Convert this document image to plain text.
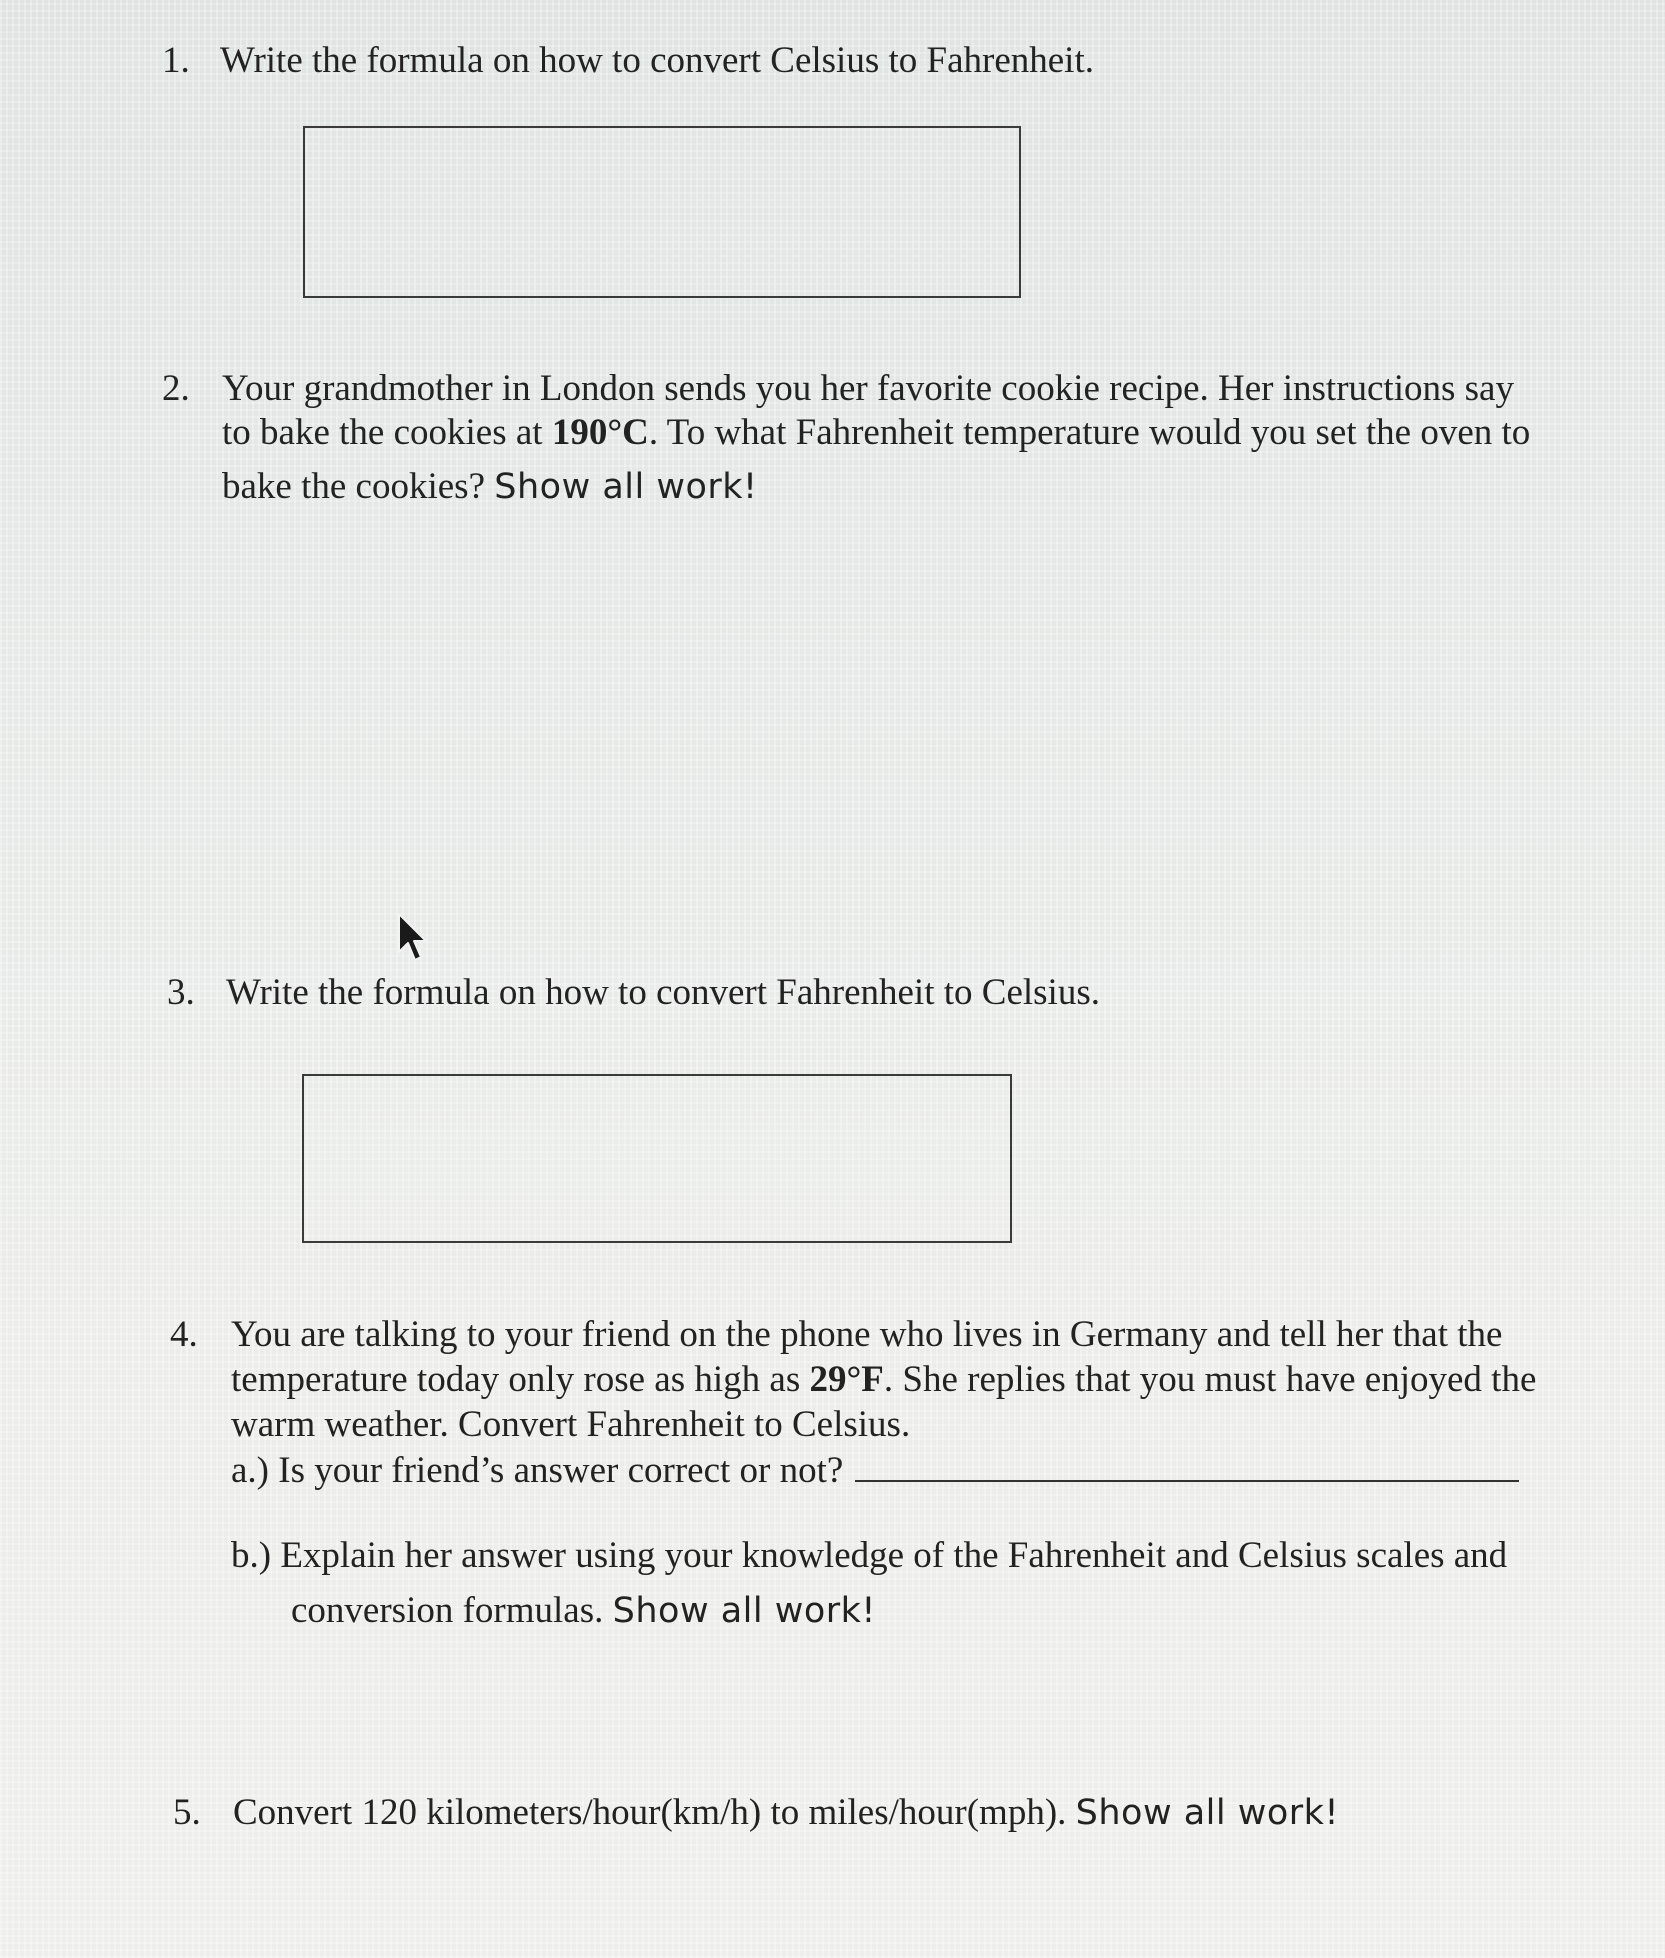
1. Write the formula on how to convert Celsius to Fahrenheit.
2. Your grandmother in London sends you her favorite cookie recipe. Her instructions say
to bake the cookies at 190°C. To what Fahrenheit temperature would you set the oven to
bake the cookies? Show all work!
3. Write the formula on how to convert Fahrenheit to Celsius.
4. You are talking to your friend on the phone who lives in Germany and tell her that the
temperature today only rose as high as 29°F. She replies that you must have enjoyed the
warm weather. Convert Fahrenheit to Celsius.
a.) Is your friend’s answer correct or not?
b.) Explain her answer using your knowledge of the Fahrenheit and Celsius scales and
conversion formulas. Show all work!
5. Convert 120 kilometers/hour(km/h) to miles/hour(mph). Show all work!
